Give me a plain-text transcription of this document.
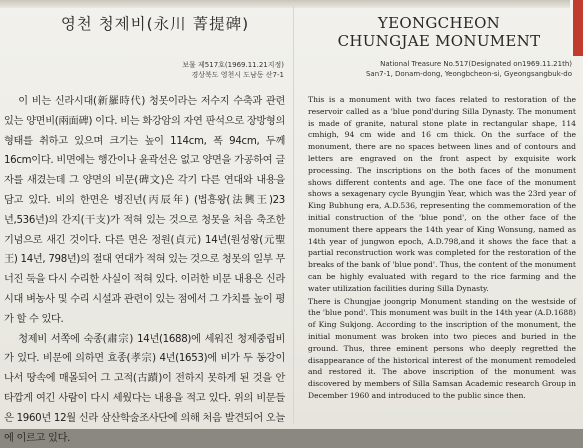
영천 청제비(永川 菁提碑)
보물 제517호(1969.11.21지정)
경상북도 영천시 도남동 산7-1

이 비는 신라시대(新羅時代) 청못이라는 저수지 수축과 관련 있는 양면비(兩面碑) 이다. 비는 화강암의 자연 판석으로 장방형의 형태를 취하고 있으며 크기는 높이 114cm, 폭 94cm, 두께 16cm이다. 비면에는 행간이나 윤곽선은 없고 양면을 가공하여 글자를 새겼는데 그 양면의 비문(碑文)은 각기 다른 연대와 내용을 담고 있다. 비의 한면은 병진년(丙辰年) (법흥왕(法興王)23년,536년)의 간지(干支)가 적혀 있는 것으로 청못을 처음 축조한 기념으로 새긴 것이다. 다른 면은 정원(貞元) 14년(원성왕(元聖王) 14년, 798년)의 절대 연대가 적혀 있는 것으로 청못의 일부 무너진 둑을 다시 수리한 사실이 적혀 있다. 이러한 비문 내용은 신라시대 벼농사 및 수리 시설과 관련이 있는 점에서 그 가치를 높이 평가 할 수 있다.

청제비 서쪽에 숙종(肅宗) 14년(1688)에 세워진 청제중립비가 있다. 비문에 의하면 효종(孝宗) 4년(1653)에 비가 두 동강이 나서 땅속에 매몰되어 그 고적(古蹟)이 전하지 못하게 된 것을 안타깝게 여긴 사람이 다시 세웠다는 내용을 적고 있다. 위의 비문들은 1960년 12월 신라 삼산학술조사단에 의해 처음 발견되어 오늘에 이르고 있다.

YEONGCHEON
CHUNGJAE MONUMENT
National Treasure No.517(Designated on1969.11.21th)
San7-1, Donam-dong, Yeongbcheon-si, Gyeongsangbuk-do

This is a monument with two faces related to restoration of the reservoir called as a 'blue pond'during Silla Dynasty. The monument is made of granite, natural stone plate in rectangular shape, 114 cmhigh, 94 cm wide and 16 cm thick. On the surface of the monument, there are no spaces between lines and of contours and letters are engraved on the front aspect by exquisite work processing. The inscriptions on the both faces of the monument shows different contents and age. The one face of the monument shows a sexagenary cycle Byungjin Year, which was the 23rd year of King Bubhung era, A.D.536, representing the commemoration of the initial construction of the 'blue pond', on the other face of the monument there appears the 14th year of King Wonsung, named as 14th year of jungwon epoch, A.D.798,and it shows the face that a partial reconstruction work was completed for the restoration of the breaks of the bank of 'blue pond'. Thus, the content of the monument can be highly evaluated with regard to the rice farming and the water utilization facilities during Silla Dynasty.

There is Chungjae joongrip Monument standing on the westside of the 'blue pond'. This monument was built in the 14th year (A.D.1688) of King Sukjong. According to the inscription of the monument, the initial monument was broken into two pieces and buried in the ground. Thus, three eminent persons who deeply regretted the disappearance of the historical interest of the monument remodeled and restored it. The above inscription of the monument was discovered by members of Silla Samsan Academic research Group in December 1960 and introduced to the public since then.
